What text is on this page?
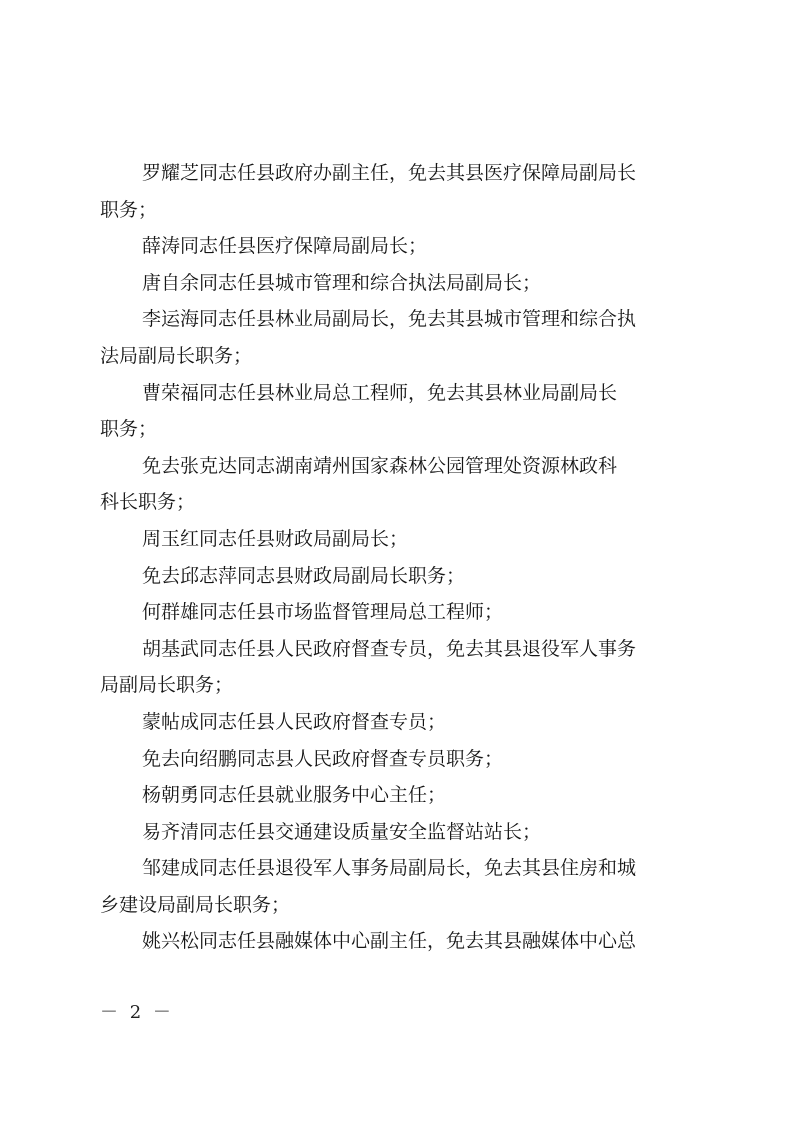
罗耀芝同志任县政府办副主任，免去其县医疗保障局副局长
职务；
薛涛同志任县医疗保障局副局长；
唐自余同志任县城市管理和综合执法局副局长；
李运海同志任县林业局副局长，免去其县城市管理和综合执
法局副局长职务；
曹荣福同志任县林业局总工程师，免去其县林业局副局长
职务；
免去张克达同志湖南靖州国家森林公园管理处资源林政科
科长职务；
周玉红同志任县财政局副局长；
免去邱志萍同志县财政局副局长职务；
何群雄同志任县市场监督管理局总工程师；
胡基武同志任县人民政府督查专员，免去其县退役军人事务
局副局长职务；
蒙帖成同志任县人民政府督查专员；
免去向绍鹏同志县人民政府督查专员职务；
杨朝勇同志任县就业服务中心主任；
易齐清同志任县交通建设质量安全监督站站长；
邹建成同志任县退役军人事务局副局长，免去其县住房和城
乡建设局副局长职务；
姚兴松同志任县融媒体中心副主任，免去其县融媒体中心总
－ 2 －
